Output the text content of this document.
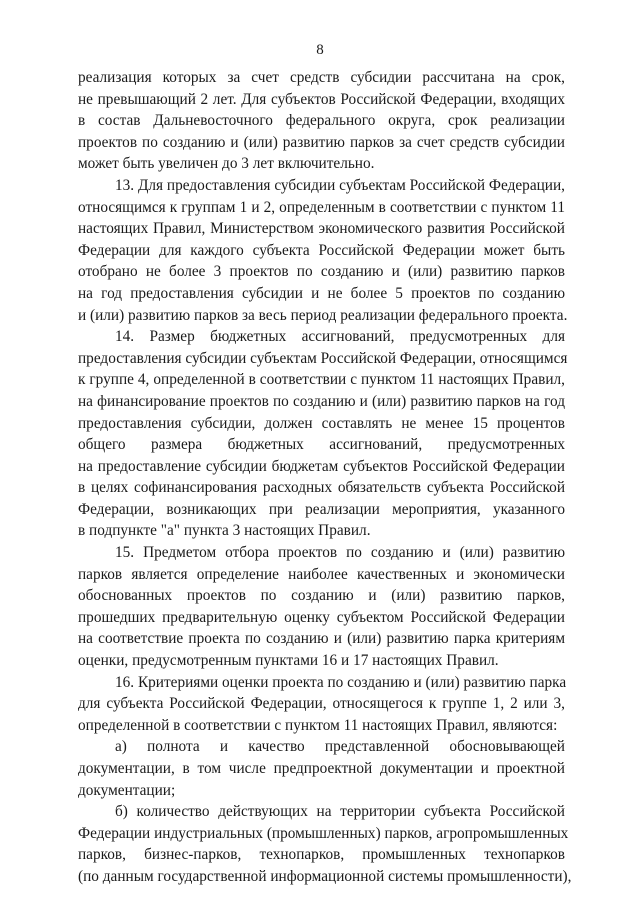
8
реализация которых за счет средств субсидии рассчитана на срок,
не превышающий 2 лет. Для субъектов Российской Федерации, входящих
в состав Дальневосточного федерального округа, срок реализации
проектов по созданию и (или) развитию парков за счет средств субсидии
может быть увеличен до 3 лет включительно.
13. Для предоставления субсидии субъектам Российской Федерации,
относящимся к группам 1 и 2, определенным в соответствии с пунктом 11
настоящих Правил, Министерством экономического развития Российской
Федерации для каждого субъекта Российской Федерации может быть
отобрано не более 3 проектов по созданию и (или) развитию парков
на год предоставления субсидии и не более 5 проектов по созданию
и (или) развитию парков за весь период реализации федерального проекта.
14. Размер бюджетных ассигнований, предусмотренных для
предоставления субсидии субъектам Российской Федерации, относящимся
к группе 4, определенной в соответствии с пунктом 11 настоящих Правил,
на финансирование проектов по созданию и (или) развитию парков на год
предоставления субсидии, должен составлять не менее 15 процентов
общего размера бюджетных ассигнований, предусмотренных
на предоставление субсидии бюджетам субъектов Российской Федерации
в целях софинансирования расходных обязательств субъекта Российской
Федерации, возникающих при реализации мероприятия, указанного
в подпункте "а" пункта 3 настоящих Правил.
15. Предметом отбора проектов по созданию и (или) развитию
парков является определение наиболее качественных и экономически
обоснованных проектов по созданию и (или) развитию парков,
прошедших предварительную оценку субъектом Российской Федерации
на соответствие проекта по созданию и (или) развитию парка критериям
оценки, предусмотренным пунктами 16 и 17 настоящих Правил.
16. Критериями оценки проекта по созданию и (или) развитию парка
для субъекта Российской Федерации, относящегося к группе 1, 2 или 3,
определенной в соответствии с пунктом 11 настоящих Правил, являются:
а) полнота и качество представленной обосновывающей
документации, в том числе предпроектной документации и проектной
документации;
б) количество действующих на территории субъекта Российской
Федерации индустриальных (промышленных) парков, агропромышленных
парков, бизнес-парков, технопарков, промышленных технопарков
(по данным государственной информационной системы промышленности),
